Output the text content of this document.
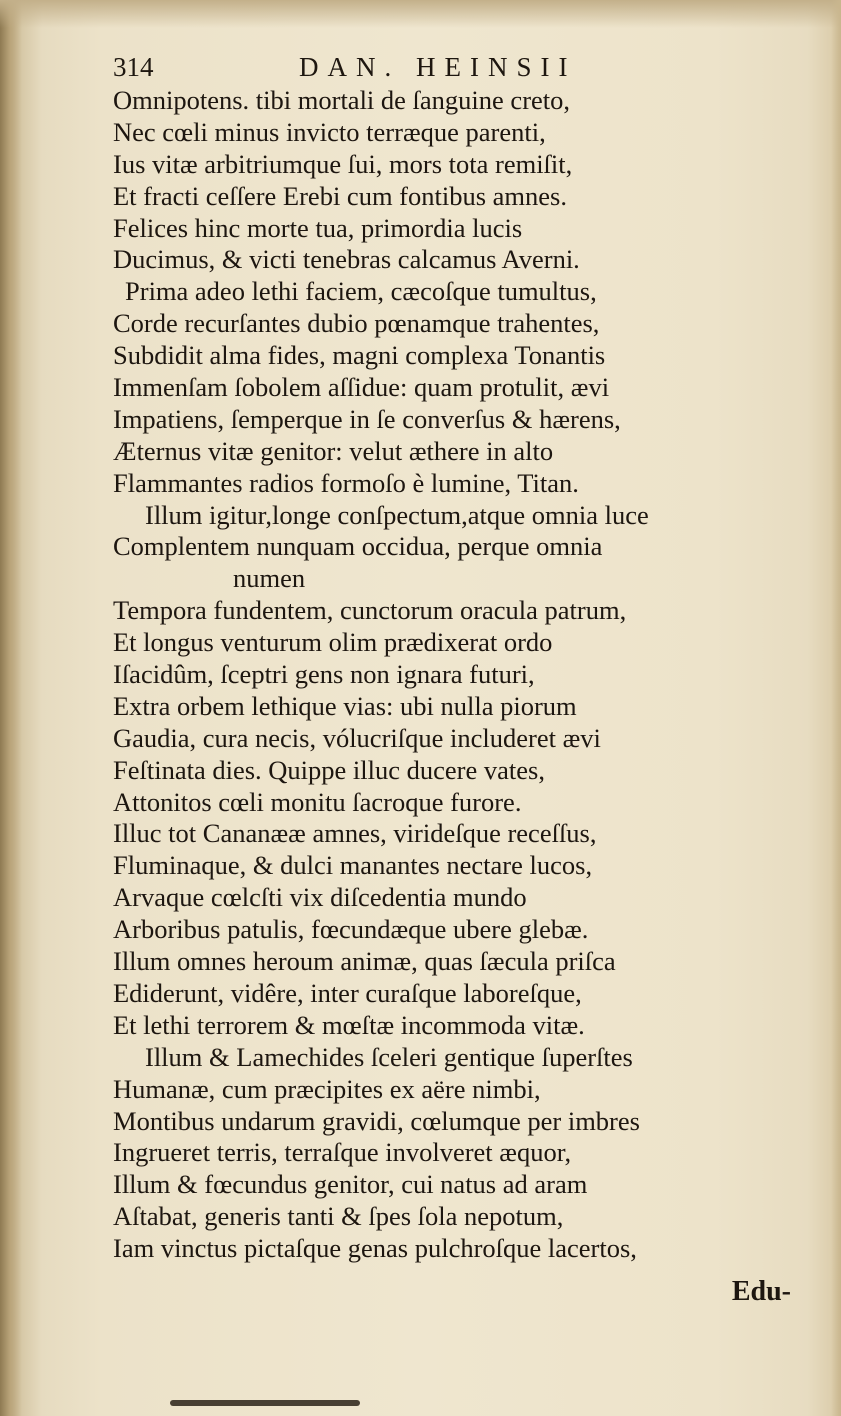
314	DAN. HEINSII
Omnipotens. tibi mortali de ſanguine creto,
Nec cœli minus invicto terræque parenti,
Ius vitæ arbitriumque ſui, mors tota remiſit,
Et fracti ceſſere Erebi cum fontibus amnes.
Felices hinc morte tua, primordia lucis
Ducimus, & victi tenebras calcamus Averni.
Prima adeo lethi faciem, cæcoſque tumultus,
Corde recurſantes dubio pœnamque trahentes,
Subdidit alma fides, magni complexa Tonantis
Immenſam ſobolem aſſidue: quam protulit, ævi
Impatiens, ſemperque in ſe converſus & hærens,
Æternus vitæ genitor: velut æthere in alto
Flammantes radios formoſo è lumine, Titan.
Illum igitur,longe conſpectum,atque omnia luce
Complentem nunquam occidua, perque omnia
numen
Tempora fundentem, cunctorum oracula patrum,
Et longus venturum olim prædixerat ordo
Iſacidûm, ſceptri gens non ignara futuri,
Extra orbem lethique vias: ubi nulla piorum
Gaudia, cura necis, vólucriſque includeret ævi
Feſtinata dies. Quippe illuc ducere vates,
Attonitos cœli monitu ſacroque furore.
Illuc tot Cananææ amnes, virideſque receſſus,
Fluminaque, & dulci manantes nectare lucos,
Arvaque cœlcſti vix diſcedentia mundo
Arboribus patulis, fœcundæque ubere glebæ.
Illum omnes heroum animæ, quas ſæcula priſca
Ediderunt, vidêre, inter curaſque laboreſque,
Et lethi terrorem & mœſtæ incommoda vitæ.
Illum & Lamechides ſceleri gentique ſuperſtes
Humanæ, cum præcipites ex aëre nimbi,
Montibus undarum gravidi, cœlumque per imbres
Ingrueret terris, terraſque involveret æquor,
Illum & fœcundus genitor, cui natus ad aram
Aſtabat, generis tanti & ſpes ſola nepotum,
Iam vinctus pictaſque genas pulchroſque lacertos,
Edu-
